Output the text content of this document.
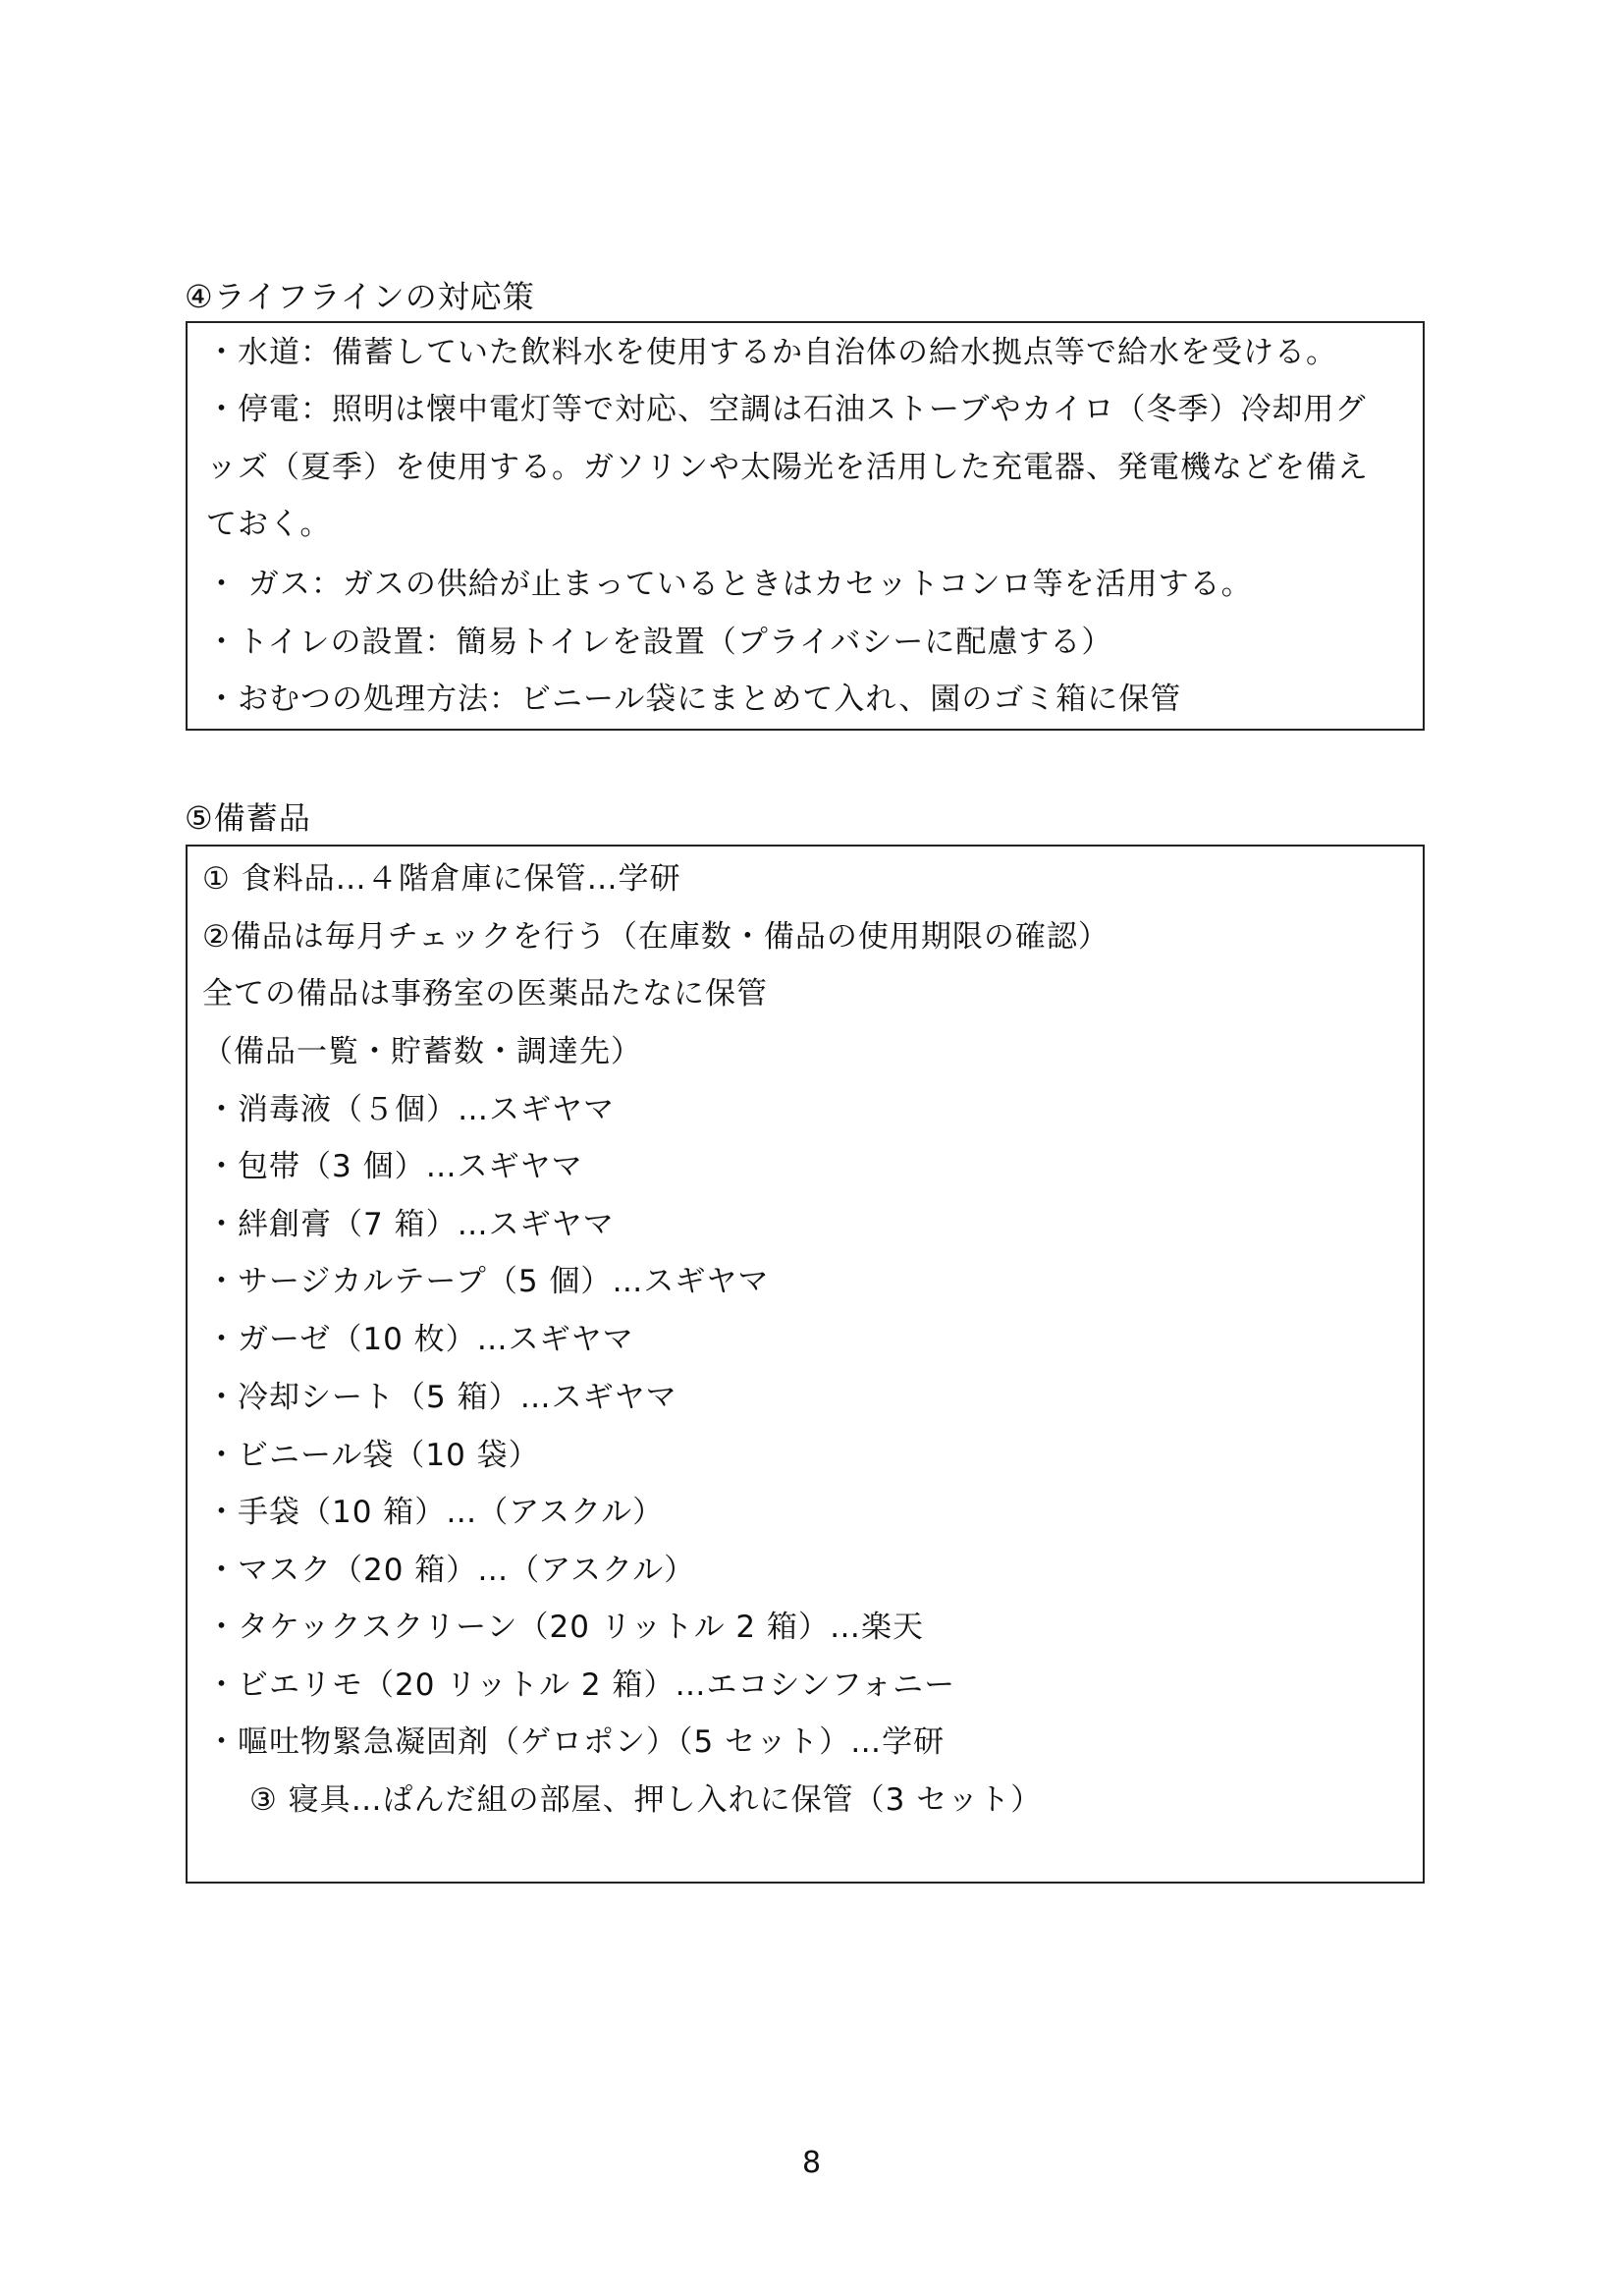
④ライフラインの対応策
・水道：備蓄していた飲料水を使用するか自治体の給水拠点等で給水を受ける。
・停電：照明は懐中電灯等で対応、空調は石油ストーブやカイロ（冬季）冷却用グ
ッズ（夏季）を使用する。ガソリンや太陽光を活用した充電器、発電機などを備え
ておく。
・ ガス：ガスの供給が止まっているときはカセットコンロ等を活用する。
・トイレの設置：簡易トイレを設置（プライバシーに配慮する）
・おむつの処理方法：ビニール袋にまとめて入れ、園のゴミ箱に保管
⑤備蓄品
① 食料品…４階倉庫に保管…学研
②備品は毎月チェックを行う（在庫数・備品の使用期限の確認）
全ての備品は事務室の医薬品たなに保管
（備品一覧・貯蓄数・調達先）
・消毒液（５個）…スギヤマ
・包帯（3 個）…スギヤマ
・絆創膏（7 箱）…スギヤマ
・サージカルテープ（5 個）…スギヤマ
・ガーゼ（10 枚）…スギヤマ
・冷却シート（5 箱）…スギヤマ
・ビニール袋（10 袋）
・手袋（10 箱）…（アスクル）
・マスク（20 箱）…（アスクル）
・タケックスクリーン（20 リットル 2 箱）…楽天
・ビエリモ（20 リットル 2 箱）…エコシンフォニー
・嘔吐物緊急凝固剤（ゲロポン）（5 セット）…学研
③ 寝具…ぱんだ組の部屋、押し入れに保管（3 セット）
8
